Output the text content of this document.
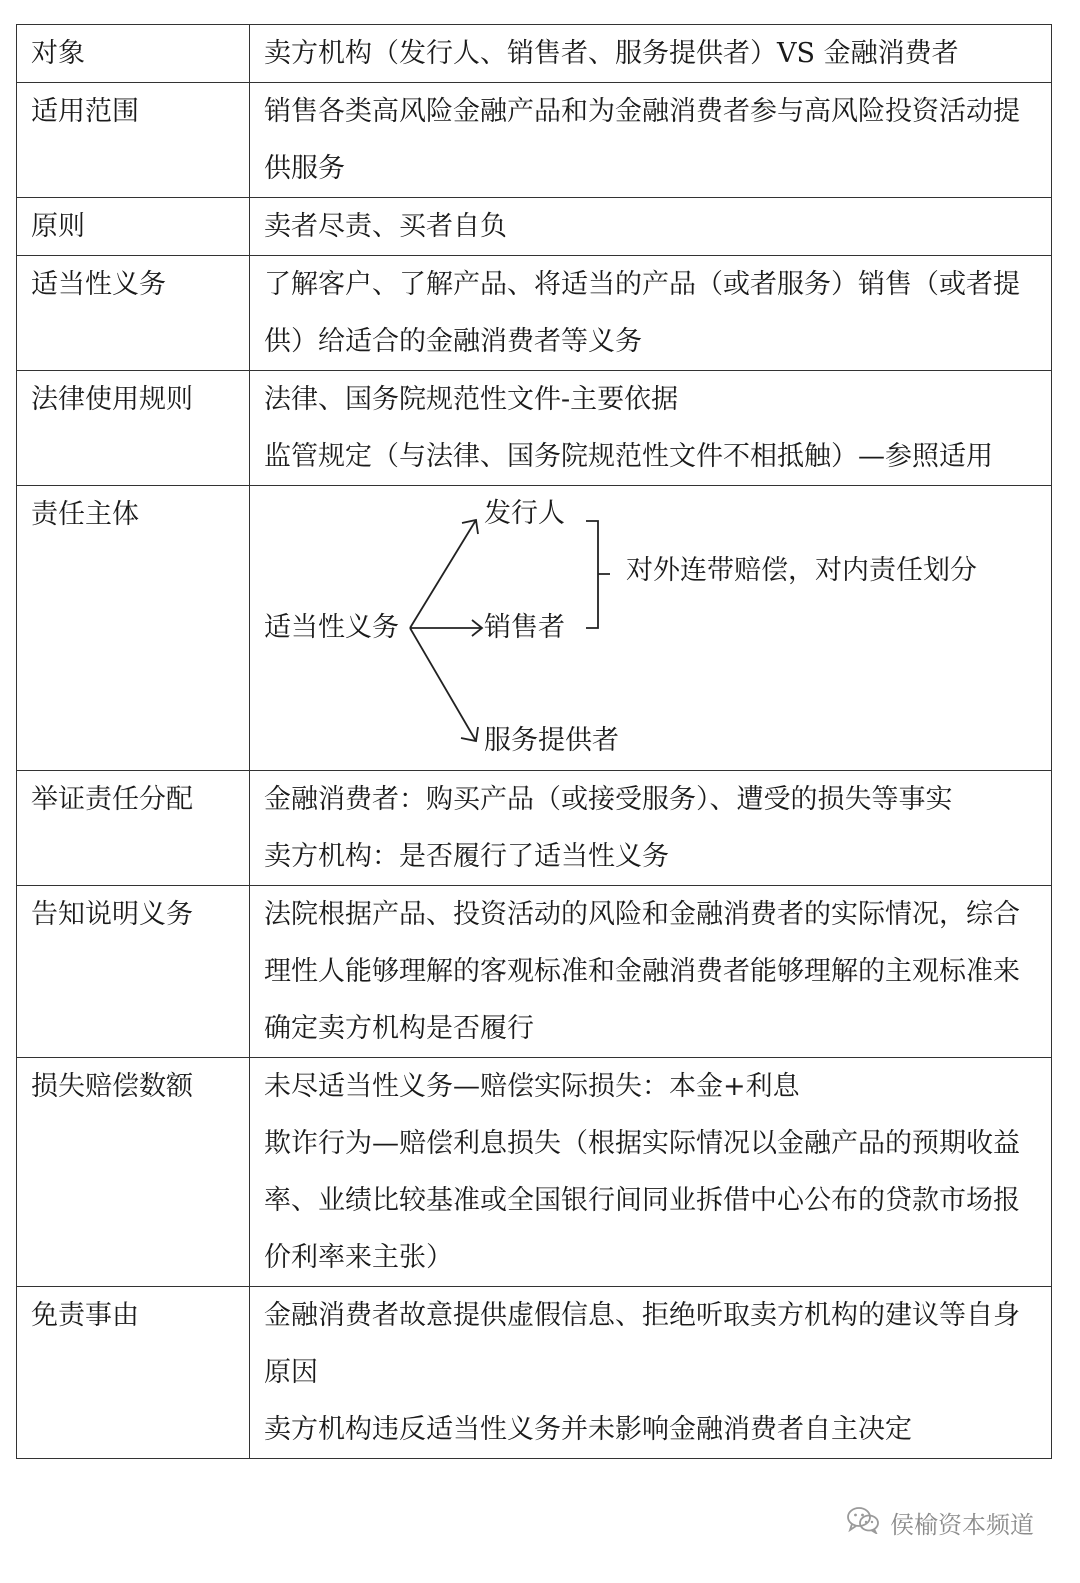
对象	卖方机构（发行人、销售者、服务提供者）VS 金融消费者

适用范围	销售各类高风险金融产品和为金融消费者参与高风险投资活动提供服务

原则	卖者尽责、买者自负

适当性义务	了解客户、了解产品、将适当的产品（或者服务）销售（或者提供）给适合的金融消费者等义务

法律使用规则	法律、国务院规范性文件-主要依据
监管规定（与法律、国务院规范性文件不相抵触）—参照适用

责任主体	适当性义务
发行人
销售者
服务提供者
对外连带赔偿，对内责任划分

举证责任分配	金融消费者：购买产品（或接受服务）、遭受的损失等事实
卖方机构：是否履行了适当性义务

告知说明义务	法院根据产品、投资活动的风险和金融消费者的实际情况，综合理性人能够理解的客观标准和金融消费者能够理解的主观标准来确定卖方机构是否履行

损失赔偿数额	未尽适当性义务—赔偿实际损失：本金+利息
欺诈行为—赔偿利息损失（根据实际情况以金融产品的预期收益率、业绩比较基准或全国银行间同业拆借中心公布的贷款市场报价利率来主张）

免责事由	金融消费者故意提供虚假信息、拒绝听取卖方机构的建议等自身原因
卖方机构违反适当性义务并未影响金融消费者自主决定
侯榆资本频道
